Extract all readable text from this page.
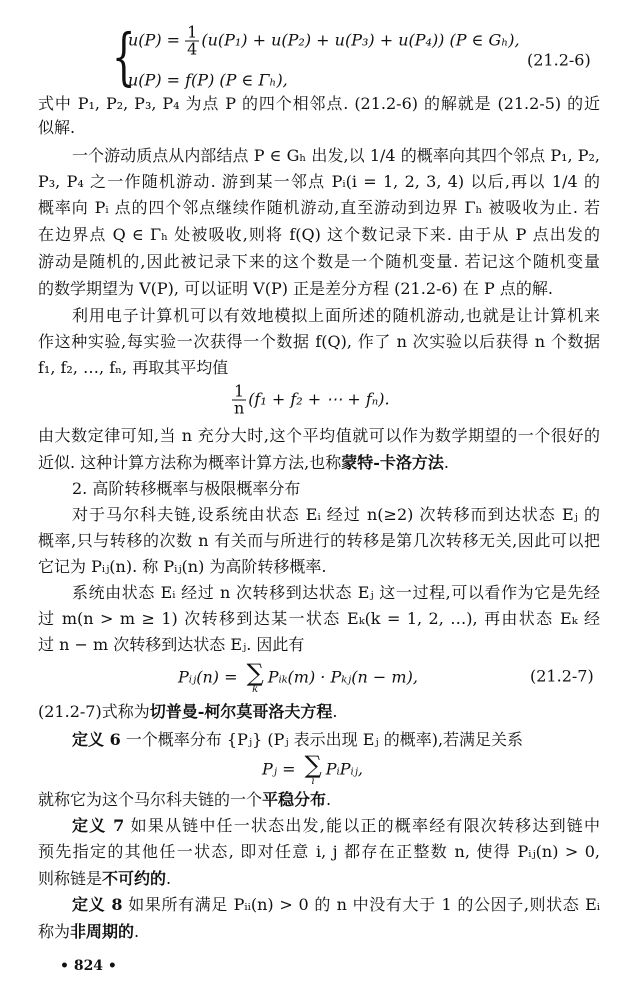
{
$u(P) = \frac{1}{4} (u(P_1) + u(P_2) + u(P_3) + u(P_4))$ (P ∈ Gₕ),
u(P) = f(P) (P ∈ Γₕ),
(21.2-6)
式中 P₁, P₂, P₃, P₄ 为点 P 的四个相邻点. (21.2-6) 的解就是 (21.2-5) 的近
似解.
一个游动质点从内部结点 P ∈ Gₕ 出发,以 1/4 的概率向其四个邻点 P₁, P₂,
P₃, P₄ 之一作随机游动. 游到某一邻点 Pᵢ(i = 1, 2, 3, 4) 以后,再以 1/4 的
概率向 Pᵢ 点的四个邻点继续作随机游动,直至游动到边界 Γₕ 被吸收为止. 若
在边界点 Q ∈ Γₕ 处被吸收,则将 f(Q) 这个数记录下来. 由于从 P 点出发的
游动是随机的,因此被记录下来的这个数是一个随机变量. 若记这个随机变量
的数学期望为 V(P), 可以证明 V(P) 正是差分方程 (21.2-6) 在 P 点的解.
利用电子计算机可以有效地模拟上面所述的随机游动,也就是让计算机来
作这种实验,每实验一次获得一个数据 f(Q), 作了 n 次实验以后获得 n 个数据
f₁, f₂, …, fₙ, 再取其平均值
$\frac{1}{n} (f_1 + f_2$ + ⋯ + fₙ).
由大数定律可知,当 n 充分大时,这个平均值就可以作为数学期望的一个很好的
近似. 这种计算方法称为概率计算方法,也称蒙特-卡洛方法.
2. 高阶转移概率与极限概率分布
对于马尔科夫链,设系统由状态 Eᵢ 经过 n(≥2) 次转移而到达状态 Eⱼ 的
概率,只与转移的次数 n 有关而与所进行的转移是第几次转移无关,因此可以把
它记为 Pᵢⱼ(n). 称 Pᵢⱼ(n) 为高阶转移概率.
系统由状态 Eᵢ 经过 n 次转移到达状态 Eⱼ 这一过程,可以看作为它是先经
过 m(n > m ≥ 1) 次转移到达某一状态 Eₖ(k = 1, 2, …), 再由状态 Eₖ 经
过 n − m 次转移到达状态 Eⱼ. 因此有
Pᵢⱼ(n) = ∑
k
Pᵢₖ(m) · Pₖⱼ(n − m),	(21.2-7)
(21.2-7)式称为切普曼-柯尔莫哥洛夫方程.
定义 6 一个概率分布 {Pⱼ} (Pⱼ 表示出现 Eⱼ 的概率),若满足关系
Pⱼ = ∑
i
PᵢPᵢⱼ,
就称它为这个马尔科夫链的一个平稳分布.
定义 7 如果从链中任一状态出发,能以正的概率经有限次转移达到链中
预先指定的其他任一状态, 即对任意 i, j 都存在正整数 n, 使得 Pᵢⱼ(n) > 0,
则称链是不可约的.
定义 8 如果所有满足 Pᵢᵢ(n) > 0 的 n 中没有大于 1 的公因子,则状态 Eᵢ
称为非周期的.
• 824 •
